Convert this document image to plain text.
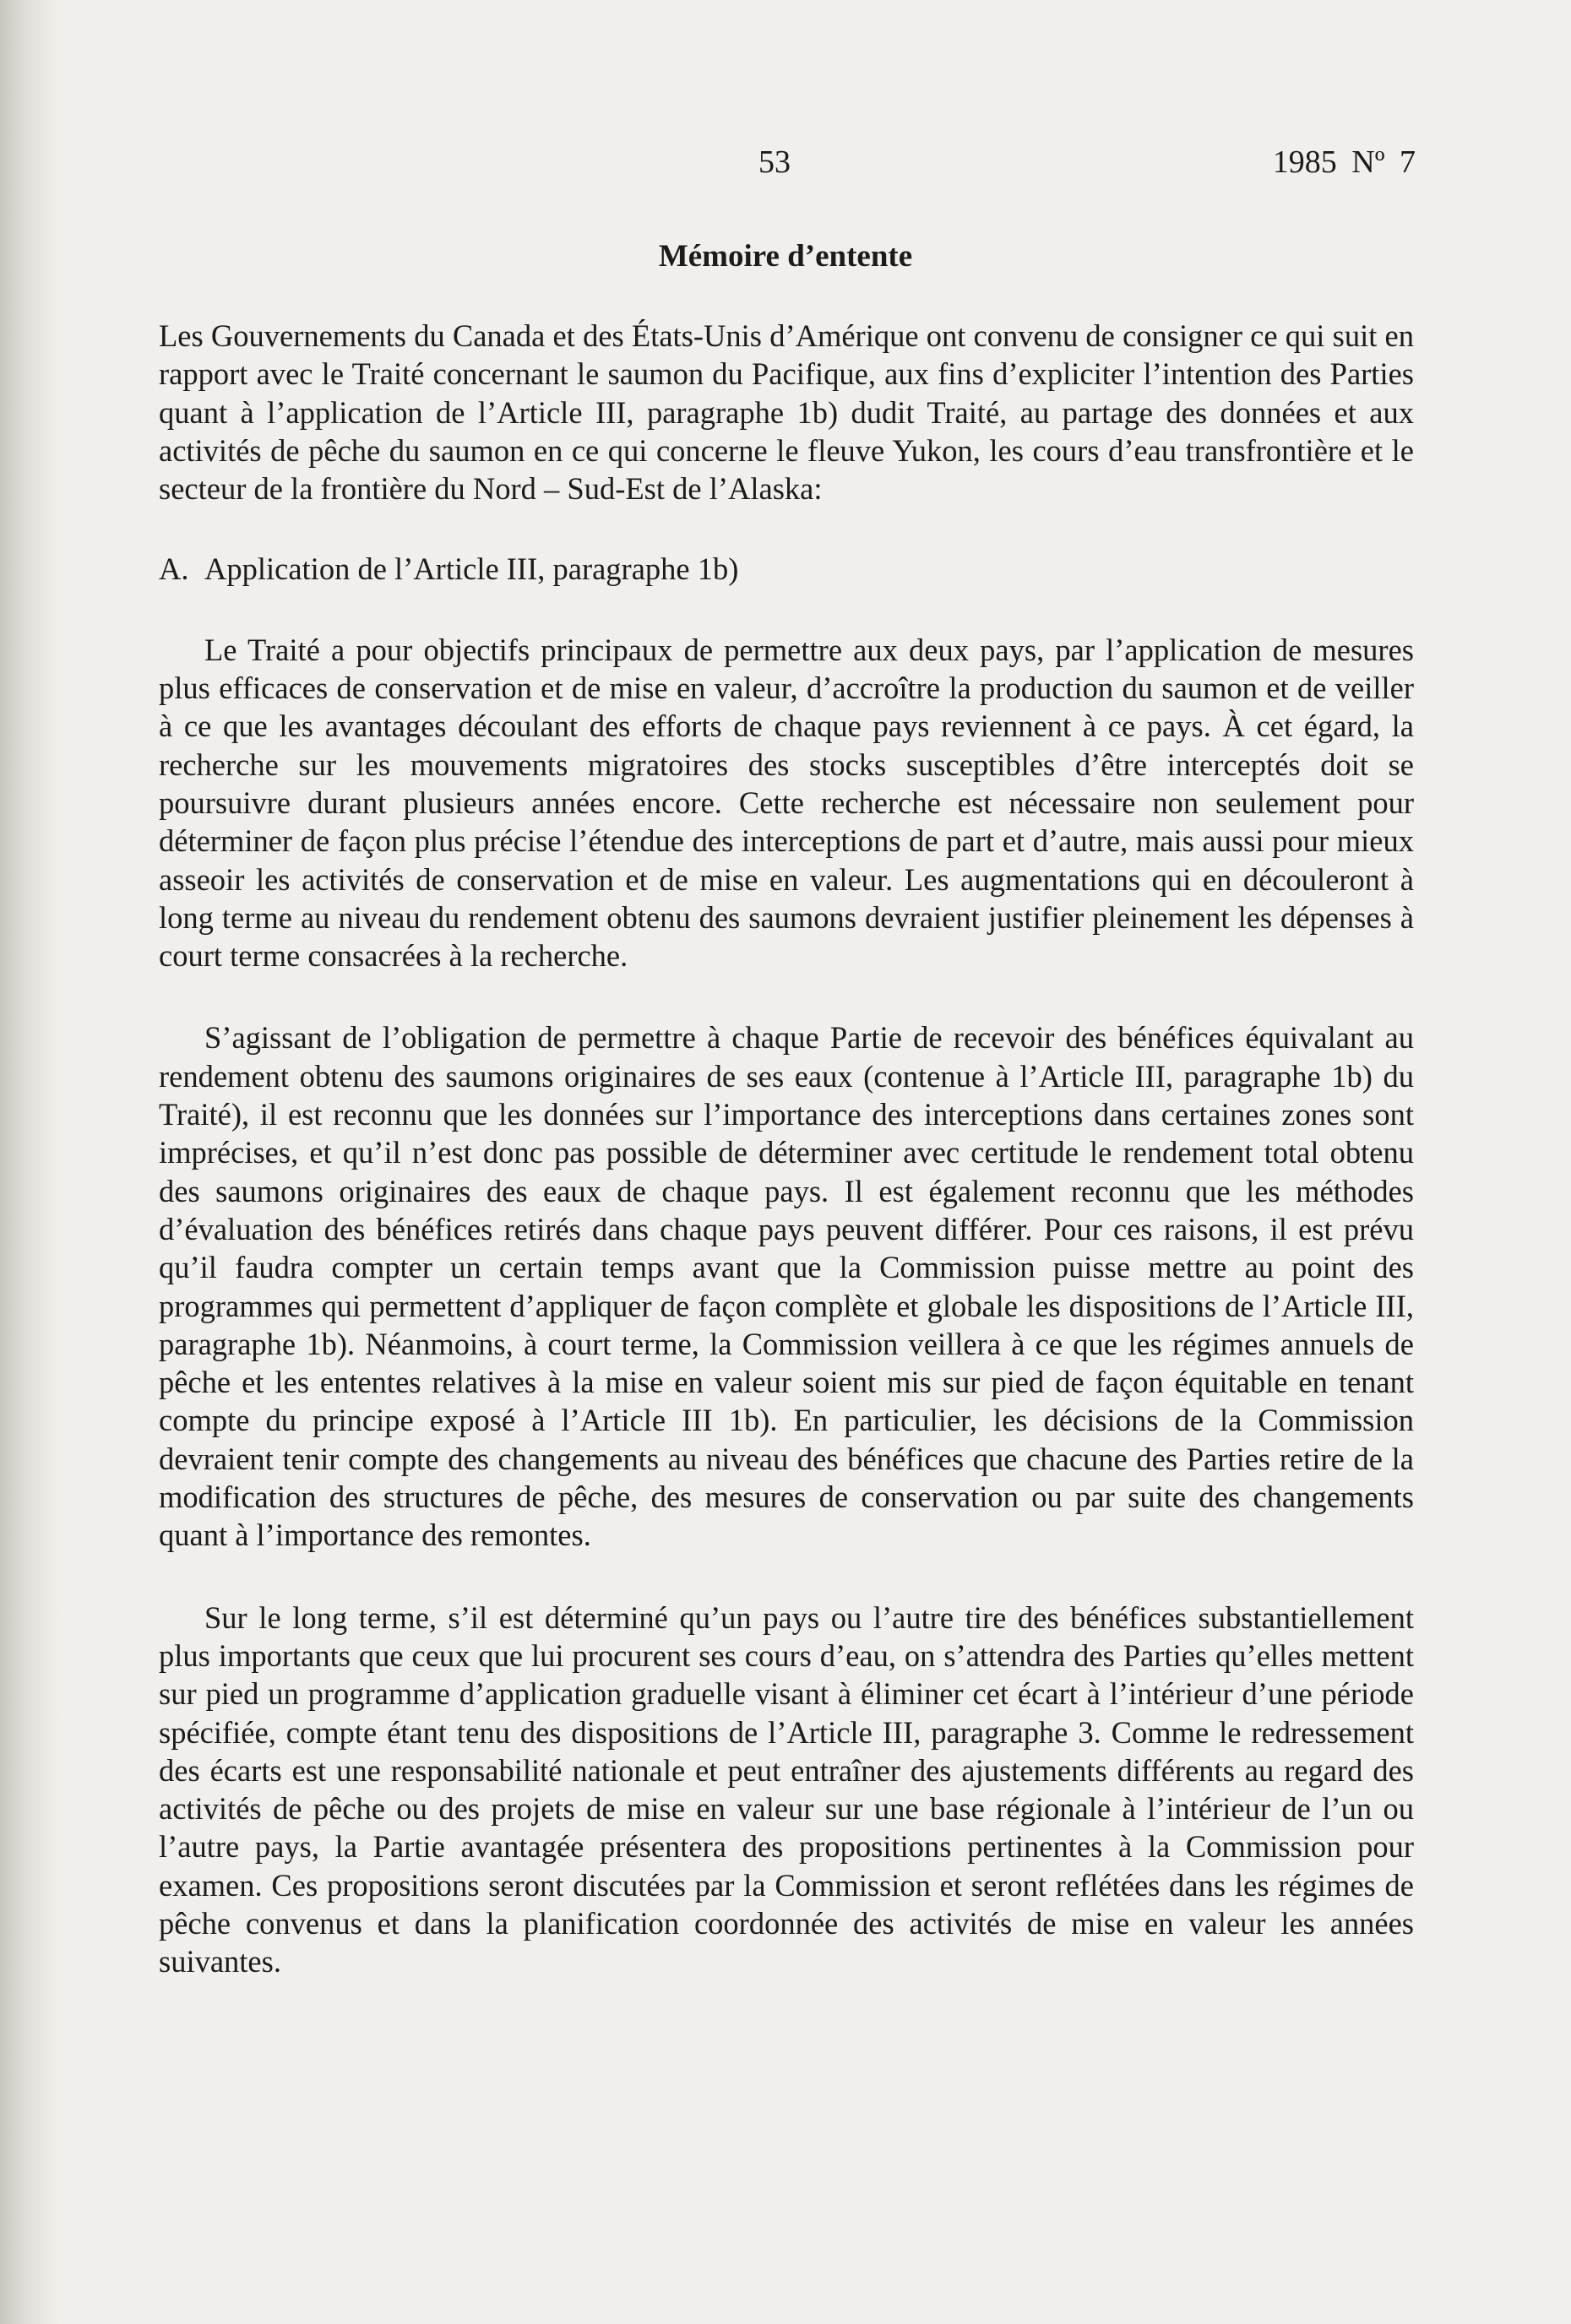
53	1985 Nº 7
Mémoire d’entente

Les Gouvernements du Canada et des États-Unis d’Amérique ont convenu de consigner ce qui suit en rapport avec le Traité concernant le saumon du Pacifique, aux fins d’expliciter l’intention des Parties quant à l’application de l’Article III, paragraphe 1b) dudit Traité, au partage des données et aux activités de pêche du saumon en ce qui concerne le fleuve Yukon, les cours d’eau transfrontière et le secteur de la frontière du Nord – Sud-Est de l’Alaska:

A. Application de l’Article III, paragraphe 1b)

Le Traité a pour objectifs principaux de permettre aux deux pays, par l’application de mesures plus efficaces de conservation et de mise en valeur, d’accroître la production du saumon et de veiller à ce que les avantages découlant des efforts de chaque pays reviennent à ce pays. À cet égard, la recherche sur les mouvements migratoires des stocks susceptibles d’être interceptés doit se poursuivre durant plusieurs années encore. Cette recherche est nécessaire non seulement pour déterminer de façon plus précise l’étendue des interceptions de part et d’autre, mais aussi pour mieux asseoir les activités de conservation et de mise en valeur. Les augmentations qui en découleront à long terme au niveau du rendement obtenu des saumons devraient justifier pleinement les dépenses à court terme consacrées à la recherche.

S’agissant de l’obligation de permettre à chaque Partie de recevoir des bénéfices équivalant au rendement obtenu des saumons originaires de ses eaux (contenue à l’Article III, paragraphe 1b) du Traité), il est reconnu que les données sur l’importance des interceptions dans certaines zones sont imprécises, et qu’il n’est donc pas possible de déterminer avec certitude le rendement total obtenu des saumons originaires des eaux de chaque pays. Il est également reconnu que les méthodes d’évaluation des bénéfices retirés dans chaque pays peuvent différer. Pour ces raisons, il est prévu qu’il faudra compter un certain temps avant que la Commission puisse mettre au point des programmes qui permettent d’appliquer de façon complète et globale les dispositions de l’Article III, paragraphe 1b). Néanmoins, à court terme, la Commission veillera à ce que les régimes annuels de pêche et les ententes relatives à la mise en valeur soient mis sur pied de façon équitable en tenant compte du principe exposé à l’Article III 1b). En particulier, les décisions de la Commission devraient tenir compte des changements au niveau des bénéfices que chacune des Parties retire de la modification des structures de pêche, des mesures de conservation ou par suite des changements quant à l’importance des remontes.

Sur le long terme, s’il est déterminé qu’un pays ou l’autre tire des bénéfices substantiellement plus importants que ceux que lui procurent ses cours d’eau, on s’attendra des Parties qu’elles mettent sur pied un programme d’application graduelle visant à éliminer cet écart à l’intérieur d’une période spécifiée, compte étant tenu des dispositions de l’Article III, paragraphe 3. Comme le redressement des écarts est une responsabilité nationale et peut entraîner des ajustements différents au regard des activités de pêche ou des projets de mise en valeur sur une base régionale à l’intérieur de l’un ou l’autre pays, la Partie avantagée présentera des propositions pertinentes à la Commission pour examen. Ces propositions seront discutées par la Commission et seront reflétées dans les régimes de pêche convenus et dans la planification coordonnée des activités de mise en valeur les années suivantes.
